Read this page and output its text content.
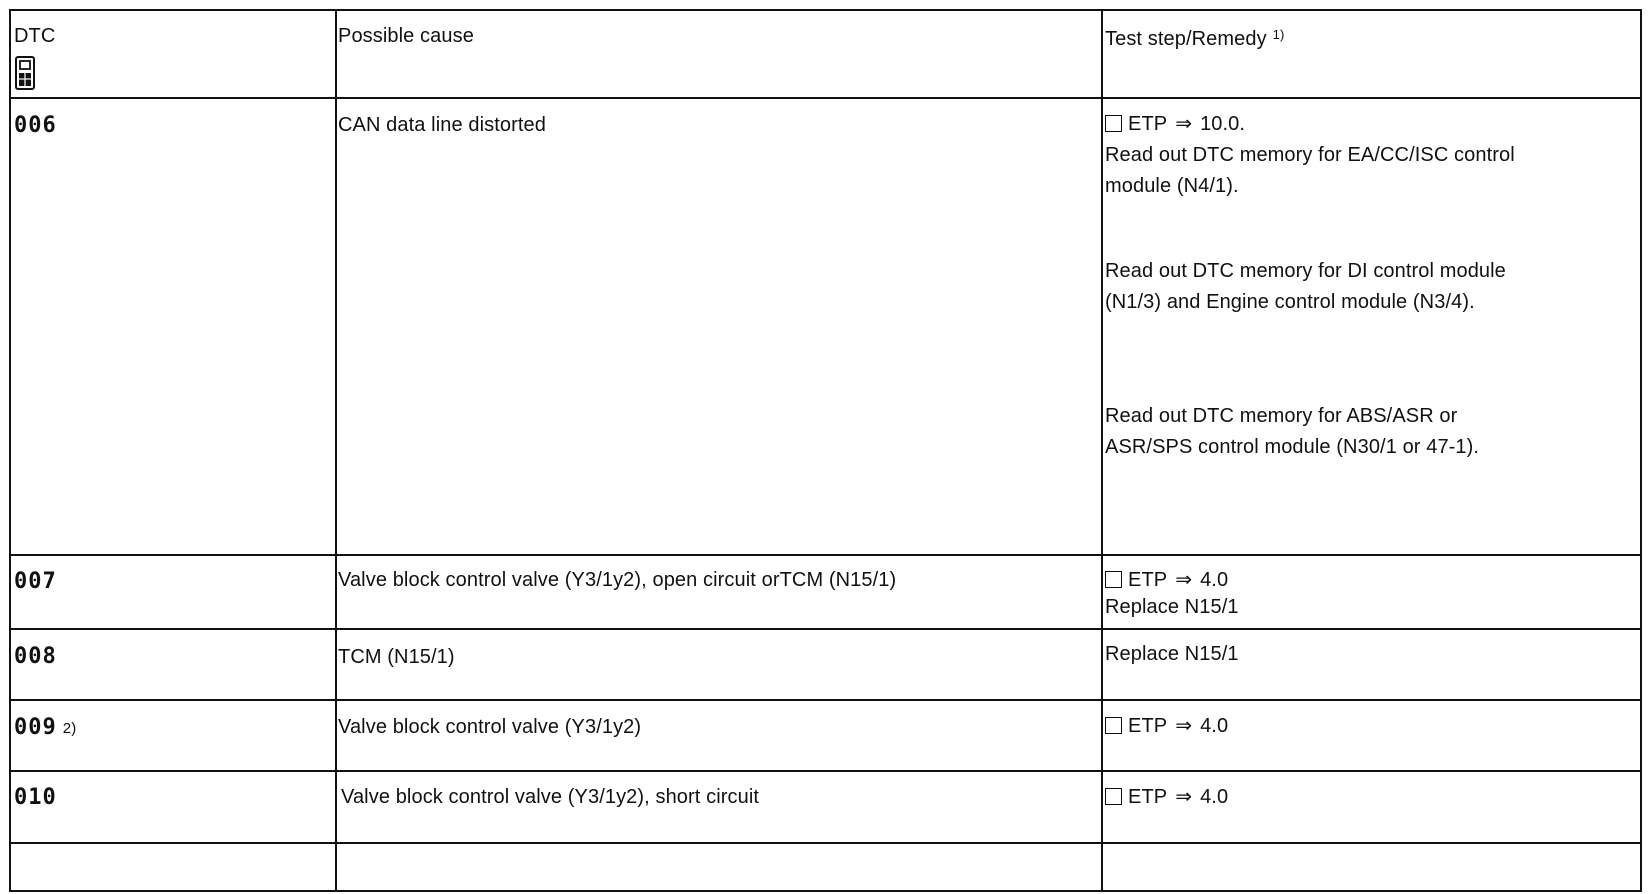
DTC	Possible cause	Test step/Remedy $^{1)}$
006	CAN data line distorted	ETP ⇒ 10.0.
Read out DTC memory for EA/CC/ISC control
module (N4/1).
Read out DTC memory for DI control module
(N1/3) and Engine control module (N3/4).
Read out DTC memory for ABS/ASR or
ASR/SPS control module (N30/1 or 47-1).
007	Valve block control valve (Y3/1y2), open circuit orTCM (N15/1)	ETP ⇒ 4.0
Replace N15/1
008	TCM (N15/1)	Replace N15/1
009 2)	Valve block control valve (Y3/1y2)	ETP ⇒ 4.0
010	Valve block control valve (Y3/1y2), short circuit	ETP ⇒ 4.0
